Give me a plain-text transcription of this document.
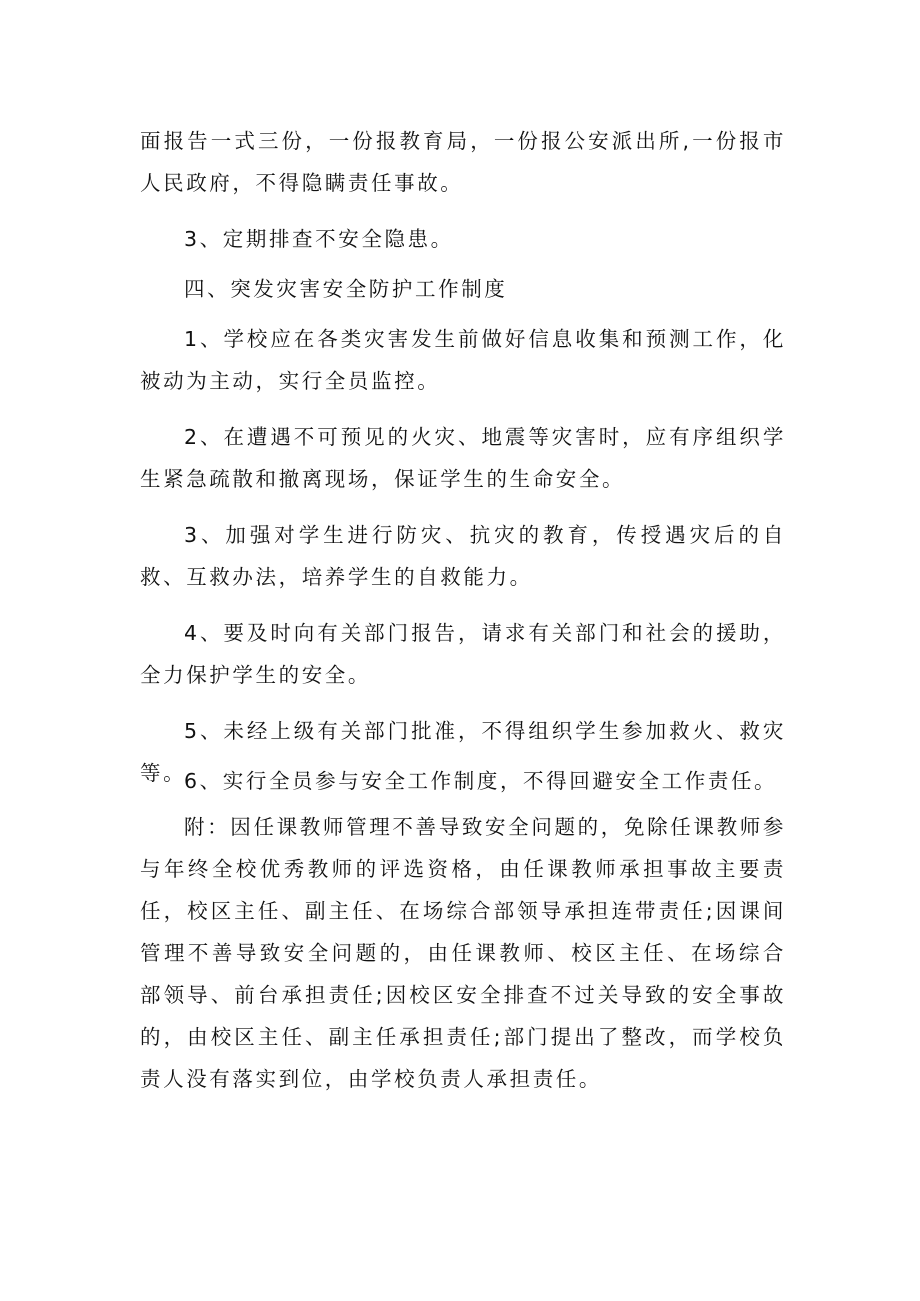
面报告一式三份，一份报教育局，一份报公安派出所,一份报市人民政府，不得隐瞒责任事故。

3、定期排查不安全隐患。

四、突发灾害安全防护工作制度

1、学校应在各类灾害发生前做好信息收集和预测工作，化被动为主动，实行全员监控。

2、在遭遇不可预见的火灾、地震等灾害时，应有序组织学生紧急疏散和撤离现场，保证学生的生命安全。

3、加强对学生进行防灾、抗灾的教育，传授遇灾后的自救、互救办法，培养学生的自救能力。

4、要及时向有关部门报告，请求有关部门和社会的援助，全力保护学生的安全。

5、未经上级有关部门批准，不得组织学生参加救火、救灾等。

6、实行全员参与安全工作制度，不得回避安全工作责任。

附：因任课教师管理不善导致安全问题的，免除任课教师参与年终全校优秀教师的评选资格，由任课教师承担事故主要责任，校区主任、副主任、在场综合部领导承担连带责任;因课间管理不善导致安全问题的，由任课教师、校区主任、在场综合部领导、前台承担责任;因校区安全排查不过关导致的安全事故的，由校区主任、副主任承担责任;部门提出了整改，而学校负责人没有落实到位，由学校负责人承担责任。
